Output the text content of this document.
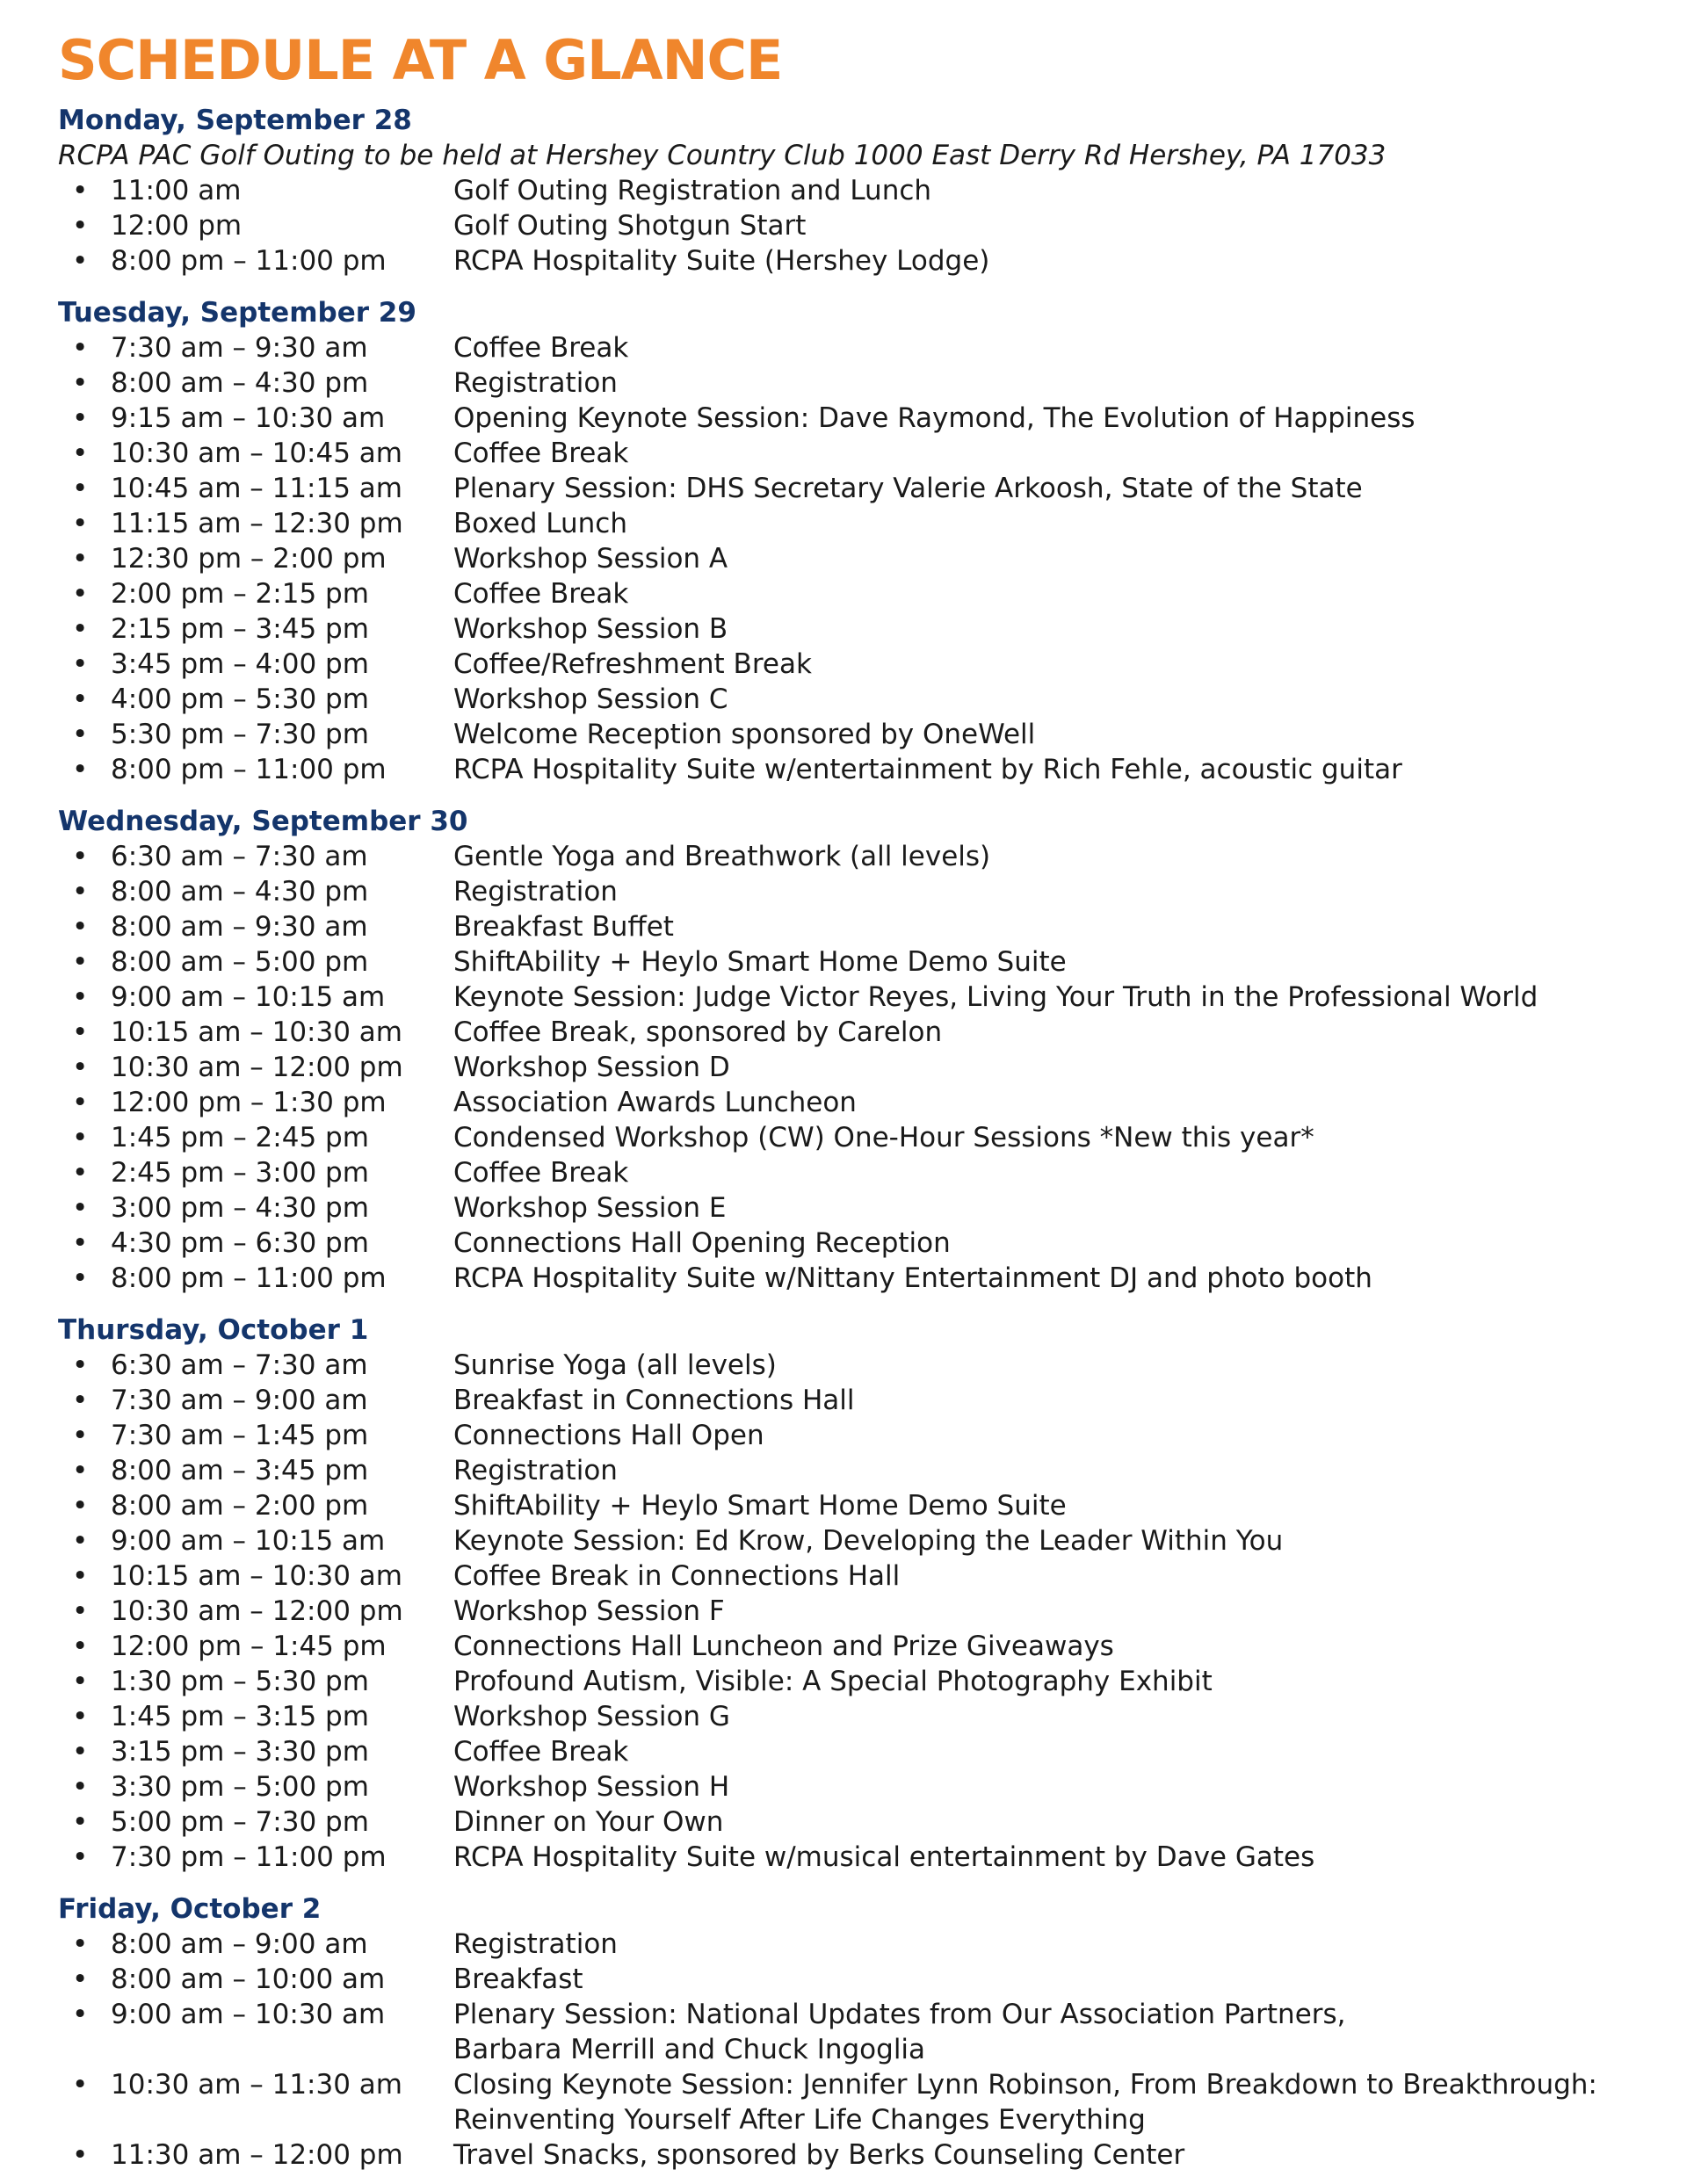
SCHEDULE AT A GLANCE
Monday, September 28

RCPA PAC Golf Outing to be held at Hershey Country Club 1000 East Derry Rd Hershey, PA 17033

• 11:00 am	Golf Outing Registration and Lunch
• 12:00 pm	Golf Outing Shotgun Start
• 8:00 pm – 11:00 pm	RCPA Hospitality Suite (Hershey Lodge)
Tuesday, September 29
• 7:30 am – 9:30 am	Coffee Break
• 8:00 am – 4:30 pm	Registration
• 9:15 am – 10:30 am	Opening Keynote Session: Dave Raymond, The Evolution of Happiness
• 10:30 am – 10:45 am	Coffee Break
• 10:45 am – 11:15 am	Plenary Session: DHS Secretary Valerie Arkoosh, State of the State
• 11:15 am – 12:30 pm	Boxed Lunch
• 12:30 pm – 2:00 pm	Workshop Session A
• 2:00 pm – 2:15 pm	Coffee Break
• 2:15 pm – 3:45 pm	Workshop Session B
• 3:45 pm – 4:00 pm	Coffee/Refreshment Break
• 4:00 pm – 5:30 pm	Workshop Session C
• 5:30 pm – 7:30 pm	Welcome Reception sponsored by OneWell
• 8:00 pm – 11:00 pm	RCPA Hospitality Suite w/entertainment by Rich Fehle, acoustic guitar
Wednesday, September 30
• 6:30 am – 7:30 am	Gentle Yoga and Breathwork (all levels)
• 8:00 am – 4:30 pm	Registration
• 8:00 am – 9:30 am	Breakfast Buffet
• 8:00 am – 5:00 pm	ShiftAbility + Heylo Smart Home Demo Suite
• 9:00 am – 10:15 am	Keynote Session: Judge Victor Reyes, Living Your Truth in the Professional World
• 10:15 am – 10:30 am	Coffee Break, sponsored by Carelon
• 10:30 am – 12:00 pm	Workshop Session D
• 12:00 pm – 1:30 pm	Association Awards Luncheon
• 1:45 pm – 2:45 pm	Condensed Workshop (CW) One-Hour Sessions *New this year*
• 2:45 pm – 3:00 pm	Coffee Break
• 3:00 pm – 4:30 pm	Workshop Session E
• 4:30 pm – 6:30 pm	Connections Hall Opening Reception
• 8:00 pm – 11:00 pm	RCPA Hospitality Suite w/Nittany Entertainment DJ and photo booth
Thursday, October 1
• 6:30 am – 7:30 am	Sunrise Yoga (all levels)
• 7:30 am – 9:00 am	Breakfast in Connections Hall
• 7:30 am – 1:45 pm	Connections Hall Open
• 8:00 am – 3:45 pm	Registration
• 8:00 am – 2:00 pm	ShiftAbility + Heylo Smart Home Demo Suite
• 9:00 am – 10:15 am	Keynote Session: Ed Krow, Developing the Leader Within You
• 10:15 am – 10:30 am	Coffee Break in Connections Hall
• 10:30 am – 12:00 pm	Workshop Session F
• 12:00 pm – 1:45 pm	Connections Hall Luncheon and Prize Giveaways
• 1:30 pm – 5:30 pm	Profound Autism, Visible: A Special Photography Exhibit
• 1:45 pm – 3:15 pm	Workshop Session G
• 3:15 pm – 3:30 pm	Coffee Break
• 3:30 pm – 5:00 pm	Workshop Session H
• 5:00 pm – 7:30 pm	Dinner on Your Own
• 7:30 pm – 11:00 pm	RCPA Hospitality Suite w/musical entertainment by Dave Gates
Friday, October 2
• 8:00 am – 9:00 am	Registration
• 8:00 am – 10:00 am	Breakfast
• 9:00 am – 10:30 am	Plenary Session: National Updates from Our Association Partners,
Barbara Merrill and Chuck Ingoglia
• 10:30 am – 11:30 am	Closing Keynote Session: Jennifer Lynn Robinson, From Breakdown to Breakthrough:
Reinventing Yourself After Life Changes Everything
• 11:30 am – 12:00 pm	Travel Snacks, sponsored by Berks Counseling Center
